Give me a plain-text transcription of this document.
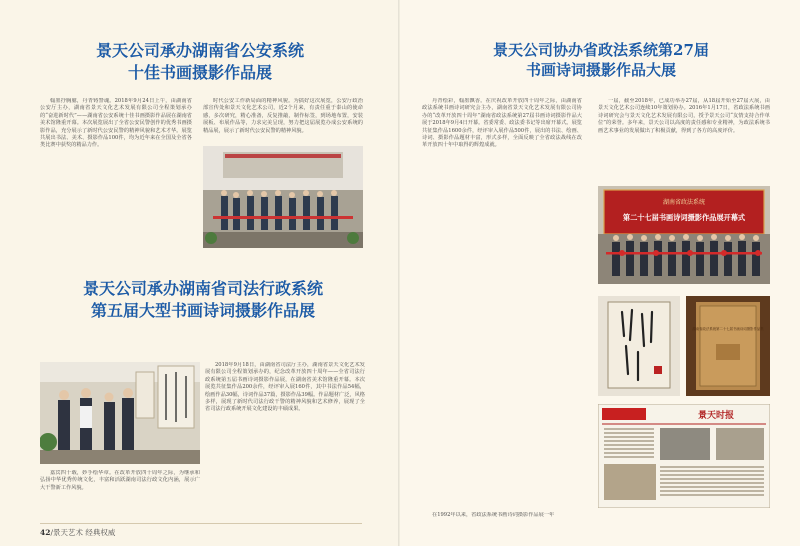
景天公司承办湖南省公安系统
十佳书画摄影作品展

翰墨抒胸臆，丹青铸警魂。2018年9月24日上午，由湖南省公安厅主办，湖南省景天文化艺术发展有限公司全程策划承办的“奋进新时代”——湖南省公安系统十佳书画摄影作品展在湖南省美术馆隆重开幕。本次展览展出了全省公安民警创作的优秀书画摄影作品，充分展示了新时代公安民警的精神风貌和艺术才华。展览共展出书法、美术、摄影作品100件，均为近年来在全国及全省各类比赛中获奖的精品力作。

时代公安工作新局面的精神风貌。为搞好这次展览，公安厅政治部宣传处和景天文化艺术公司，近2个月来，有责任重于泰山的使命感，多次研究，精心准备，反复推敲，制作标签，到场地布置，安装展板、布展作品等，力求完美呈现，努力把这届展览办成公安系统的精品展，展示了新时代公安民警的精神风貌。

景天公司承办湖南省司法行政系统
第五届大型书画诗词摄影作品展

2018年9月18日，由湖南省司法厅主办，湖南省景天文化艺术发展有限公司全程策划承办的，纪念改革开放四十周年——全省司法行政系统第五届书画诗词摄影作品展，在湖南省美术馆隆重开幕。本次展览共征集作品200余件，经评审入展160件，其中书法作品54幅，绘画作品30幅，诗词作品37篇，摄影作品39幅。作品题材广泛，风格多样，展现了新时代司法行政干警的精神风貌和艺术修养，展现了全省司法行政系统开展文化建设的丰硕成果。

嘉宾四十载，妙手绘华章。在改革开放四十周年之际，为继承和弘扬中华优秀传统文化，丰富和活跃湖南司法行政文化内涵，展示广大干警新工作风貌。

42/景天艺术 经典权威
景天公司协办省政法系统第27届
书画诗词摄影作品大展

丹青绘彩，翰墨飘香。在庆祝改革开放四十周年之际，由湖南省政法系统书画诗词研究会主办，湖南省景天文化艺术发展有限公司协办的“改革开放四十周年”湖南省政法系统第27届书画诗词摄影作品大展于2018年9月4日开幕。省委常委、政法委书记等出席开幕式。展览共征集作品1600余件，经评审入展作品500件，展出的书法、绘画、诗词、摄影作品题材丰富，形式多样，全面反映了全省政法战线在改革开放四十年中取得的辉煌成就。

一届，截至2018年，已成功举办27届，从18届开始至27届大展，由景天文化艺术公司连续10年策划协办。2016年1月17日，省政法系统书画诗词研究会与景天文化艺术发展有限公司，授予景天公司“友情支持合作单位”的荣誉。多年来，景天公司以高度的责任感和专业精神，为政法系统书画艺术事业的发展做出了积极贡献，得到了各方的高度评价。

湖南省政法系统
第二十七届书画诗词摄影作品展开幕式
湖南省政法系统第二十七届书画诗词摄影作品集
景天时报

在1992年以来，省政法系统书画诗词摄影作品展一年
